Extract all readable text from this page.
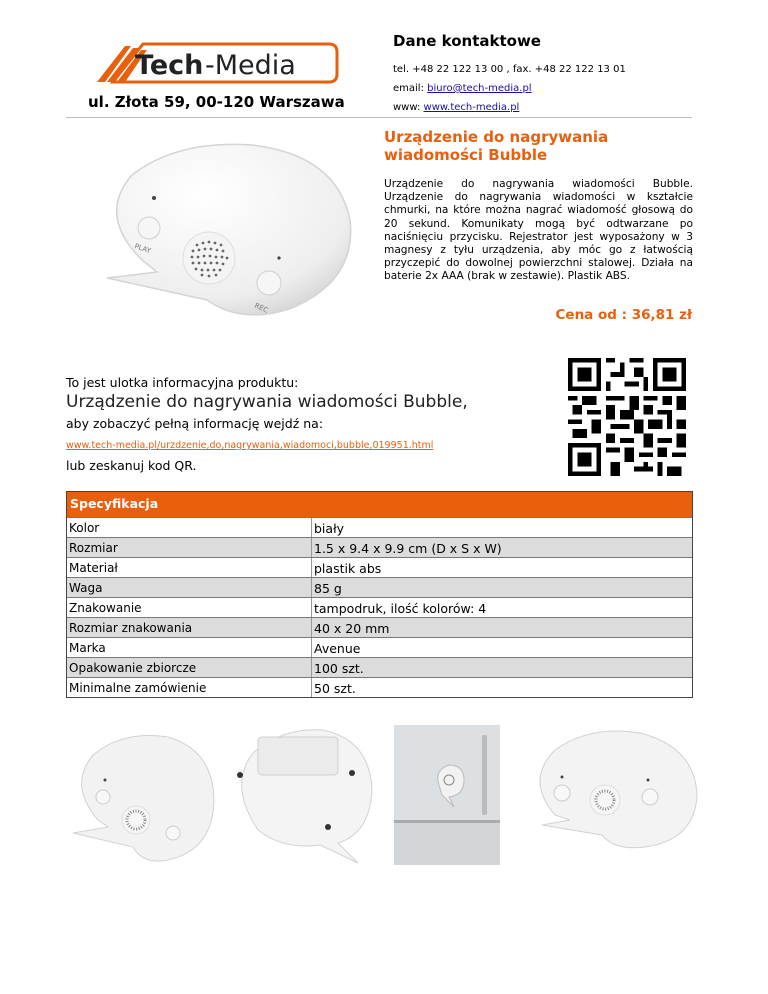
Tech -Media
ul. Złota 59, 00-120 Warszawa
Dane kontaktowe
tel. +48 22 122 13 00 , fax. +48 22 122 13 01
email: biuro@tech-media.pl
www: www.tech-media.pl
PLAY
REC
Urządzenie do nagrywania wiadomości Bubble
Urządzenie do nagrywania wiadomości Bubble. Urządzenie do nagrywania wiadomości w kształcie chmurki, na które można nagrać wiadomość głosową do 20 sekund. Komunikaty mogą być odtwarzane po naciśnięciu przycisku. Rejestrator jest wyposażony w 3 magnesy z tyłu urządzenia, aby móc go z łatwością przyczepić do dowolnej powierzchni stalowej. Działa na baterie 2x AAA (brak w zestawie). Plastik ABS.
Cena od : 36,81 zł
To jest ulotka informacyjna produktu:
Urządzenie do nagrywania wiadomości Bubble,
aby zobaczyć pełną informację wejdź na:
www.tech-media.pl/urzdzenie,do,nagrywania,wiadomoci,bubble,019951.html
lub zeskanuj kod QR.
Specyfikacja
Kolor	biały
Rozmiar	1.5 x 9.4 x 9.9 cm (D x S x W)
Materiał	plastik abs
Waga	85 g
Znakowanie	tampodruk, ilość kolorów: 4
Rozmiar znakowania	40 x 20 mm
Marka	Avenue
Opakowanie zbiorcze	100 szt.
Minimalne zamówienie	50 szt.
